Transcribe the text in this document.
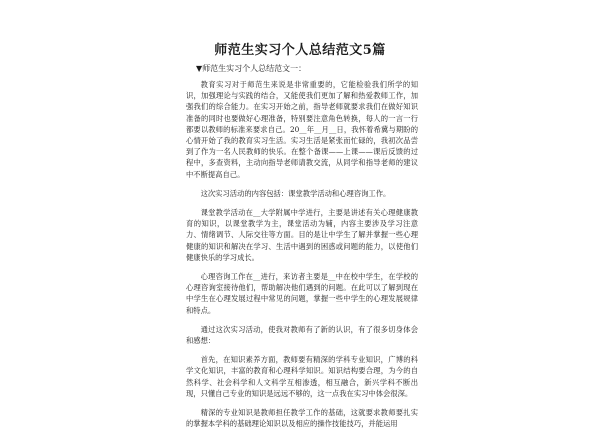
师范生实习个人总结范文5篇
▼师范生实习个人总结范文一：

教育实习对于师范生来说是非常重要的，它能检验我们所学的知识，加强理论与实践的结合，又能使我们更加了解和热爱教师工作，加强我们的综合能力。在实习开始之前，指导老师就要求我们在做好知识准备的同时也要做好心理准备，特别要注意角色转换，每人的一言一行都要以教师的标准来要求自己。20__年__月__日，我怀着希冀与期盼的心情开始了我的教育实习生活。实习生活是紧张而忙碌的，我初次品尝到了作为一名人民教师的快乐。在整个备课——上课——课后反馈的过程中，多查资料，主动向指导老师请教交流，从同学和指导老师的建议中不断提高自己。

这次实习活动的内容包括：课堂教学活动和心理咨询工作。

课堂教学活动在__大学附属中学进行，主要是讲述有关心理健康教育的知识，以课堂教学为主，课堂活动为辅，内容主要涉及学习注意力、情绪调节、人际交往等方面。目的是让中学生了解并掌握一些心理健康的知识和解决在学习、生活中遇到的困惑或问题的能力，以使他们健康快乐的学习成长。

心理咨询工作在__进行，来访者主要是__中在校中学生，在学校的心理咨询室接待他们，帮助解决他们遇到的问题。在此可以了解到现在中学生在心理发展过程中常见的问题，掌握一些中学生的心理发展规律和特点。

通过这次实习活动，使我对教师有了新的认识，有了很多切身体会和感想：

首先，在知识素养方面，教师要有精深的学科专业知识，广博的科学文化知识，丰富的教育和心理科学知识。知识结构要合理，为今的自然科学、社会科学和人文科学互相渗透，相互融合，新兴学科不断出现，只懂自己专业的知识是远远不够的，这一点我在实习中体会很深。

精深的专业知识是教师担任教学工作的基础，这就要求教师要扎实的掌握本学科的基础理论知识以及相应的操作技能技巧，并能运用
